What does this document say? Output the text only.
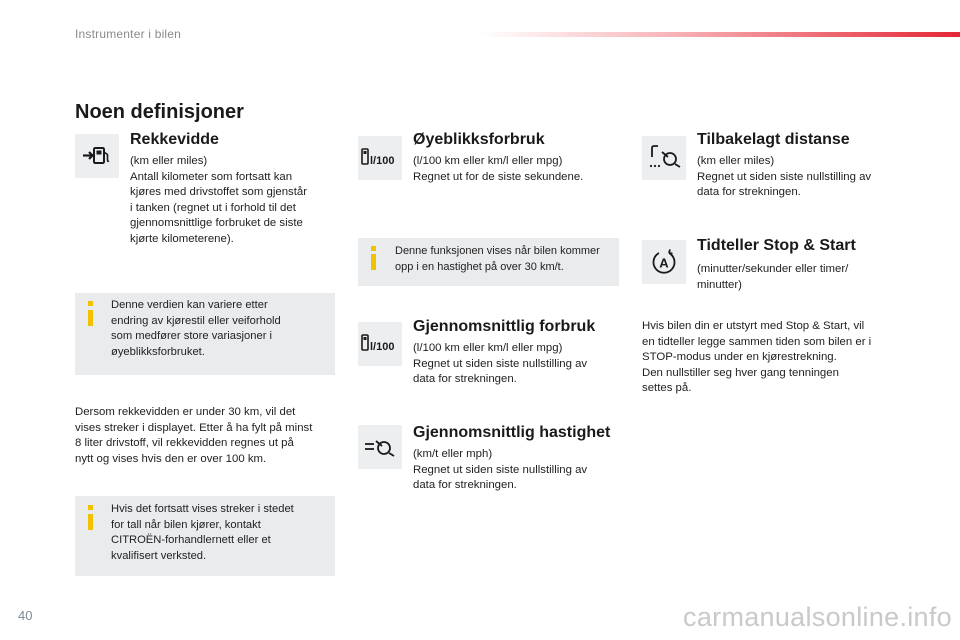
Instrumenter i bilen
Noen definisjoner
Rekkevidde
(km eller miles)
Antall kilometer som fortsatt kan
kjøres med drivstoffet som gjenstår
i tanken (regnet ut i forhold til det
gjennomsnittlige forbruket de siste
kjørte kilometerene).
Denne verdien kan variere etter
endring av kjørestil eller veiforhold
som medfører store variasjoner i
øyeblikksforbruket.
Dersom rekkevidden er under 30 km, vil det
vises streker i displayet. Etter å ha fylt på minst
8 liter drivstoff, vil rekkevidden regnes ut på
nytt og vises hvis den er over 100 km.
Hvis det fortsatt vises streker i stedet
for tall når bilen kjører, kontakt
CITROËN-forhandlernett eller et
kvalifisert verksted.
l/100
Øyeblikksforbruk
(l/100 km eller km/l eller mpg)
Regnet ut for de siste sekundene.
Denne funksjonen vises når bilen kommer
opp i en hastighet på over 30 km/t.
l/100
Gjennomsnittlig forbruk
(l/100 km eller km/l eller mpg)
Regnet ut siden siste nullstilling av
data for strekningen.
Gjennomsnittlig hastighet
(km/t eller mph)
Regnet ut siden siste nullstilling av
data for strekningen.
Tilbakelagt distanse
(km eller miles)
Regnet ut siden siste nullstilling av
data for strekningen.
A
Tidteller Stop & Start
(minutter/sekunder eller timer/
minutter)
Hvis bilen din er utstyrt med Stop & Start, vil
en tidteller legge sammen tiden som bilen er i
STOP-modus under en kjørestrekning.
Den nullstiller seg hver gang tenningen
settes på.
40	carmanualsonline.info
